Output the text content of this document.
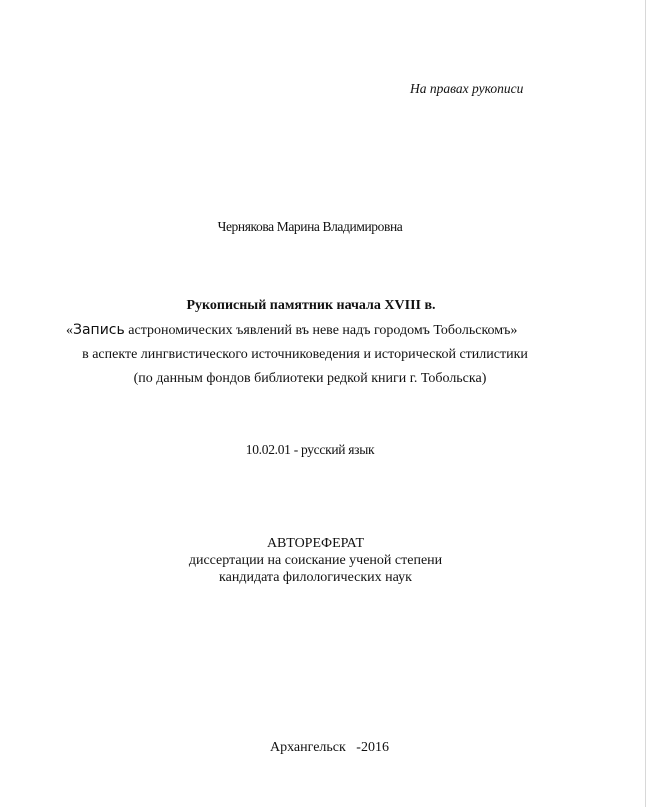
На правах рукописи
Чернякова Марина Владимировна
Рукописный памятник начала XVIII в.
«Запись астрономических ъявлений въ неве надъ городомъ Тобольскомъ»
в аспекте лингвистического источниковедения и исторической стилистики
(по данным фондов библиотеки редкой книги г. Тобольска)
10.02.01 - русский язык
АВТОРЕФЕРАТ
диссертации на соискание ученой степени
кандидата филологических наук
Архангельск   -2016
